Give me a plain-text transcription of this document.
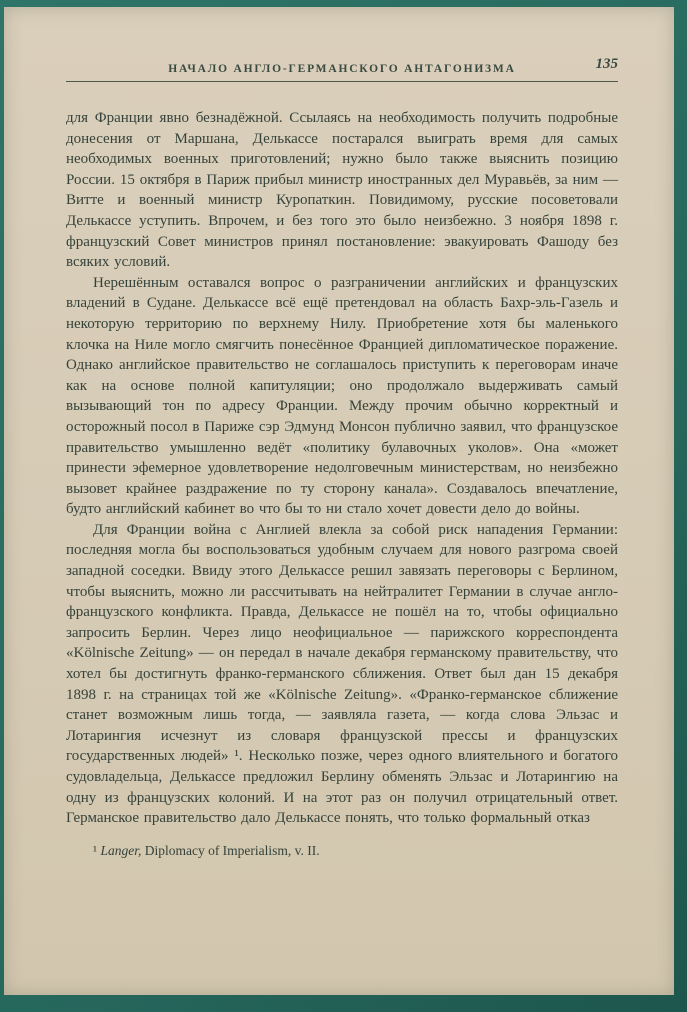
НАЧАЛО АНГЛО-ГЕРМАНСКОГО АНТАГОНИЗМА	135

для Франции явно безнадёжной. Ссылаясь на необходимость получить подробные донесения от Маршана, Делькассе постарался выиграть время для самых необходимых военных приготовлений; нужно было также выяснить позицию России. 15 октября в Париж прибыл министр иностранных дел Муравьёв, за ним — Витте и военный министр Куропаткин. Повидимому, русские посоветовали Делькассе уступить. Впрочем, и без того это было неизбежно. 3 ноября 1898 г. французский Совет министров принял постановление: эвакуировать Фашоду без всяких условий.

Нерешённым оставался вопрос о разграничении английских и французских владений в Судане. Делькассе всё ещё претендовал на область Бахр-эль-Газель и некоторую территорию по верхнему Нилу. Приобретение хотя бы маленького клочка на Ниле могло смягчить понесённое Францией дипломатическое поражение. Однако английское правительство не соглашалось приступить к переговорам иначе как на основе полной капитуляции; оно продолжало выдерживать самый вызывающий тон по адресу Франции. Между прочим обычно корректный и осторожный посол в Париже сэр Эдмунд Монсон публично заявил, что французское правительство умышленно ведёт «политику булавочных уколов». Она «может принести эфемерное удовлетворение недолговечным министерствам, но неизбежно вызовет крайнее раздражение по ту сторону канала». Создавалось впечатление, будто английский кабинет во что бы то ни стало хочет довести дело до войны.

Для Франции война с Англией влекла за собой риск нападения Германии: последняя могла бы воспользоваться удобным случаем для нового разгрома своей западной соседки. Ввиду этого Делькассе решил завязать переговоры с Берлином, чтобы выяснить, можно ли рассчитывать на нейтралитет Германии в случае англо-французского конфликта. Правда, Делькассе не пошёл на то, чтобы официально запросить Берлин. Через лицо неофициальное — парижского корреспондента «Kölnische Zeitung» — он передал в начале декабря германскому правительству, что хотел бы достигнуть франко-германского сближения. Ответ был дан 15 декабря 1898 г. на страницах той же «Kölnische Zeitung». «Франко-германское сближение станет возможным лишь тогда, — заявляла газета, — когда слова Эльзас и Лотарингия исчезнут из словаря французской прессы и французских государственных людей» ¹. Несколько позже, через одного влиятельного и богатого судовладельца, Делькассе предложил Берлину обменять Эльзас и Лотарингию на одну из французских колоний. И на этот раз он получил отрицательный ответ. Германское правительство дало Делькассе понять, что только формальный отказ

¹ Langer, Diplomacy of Imperialism, v. II.
